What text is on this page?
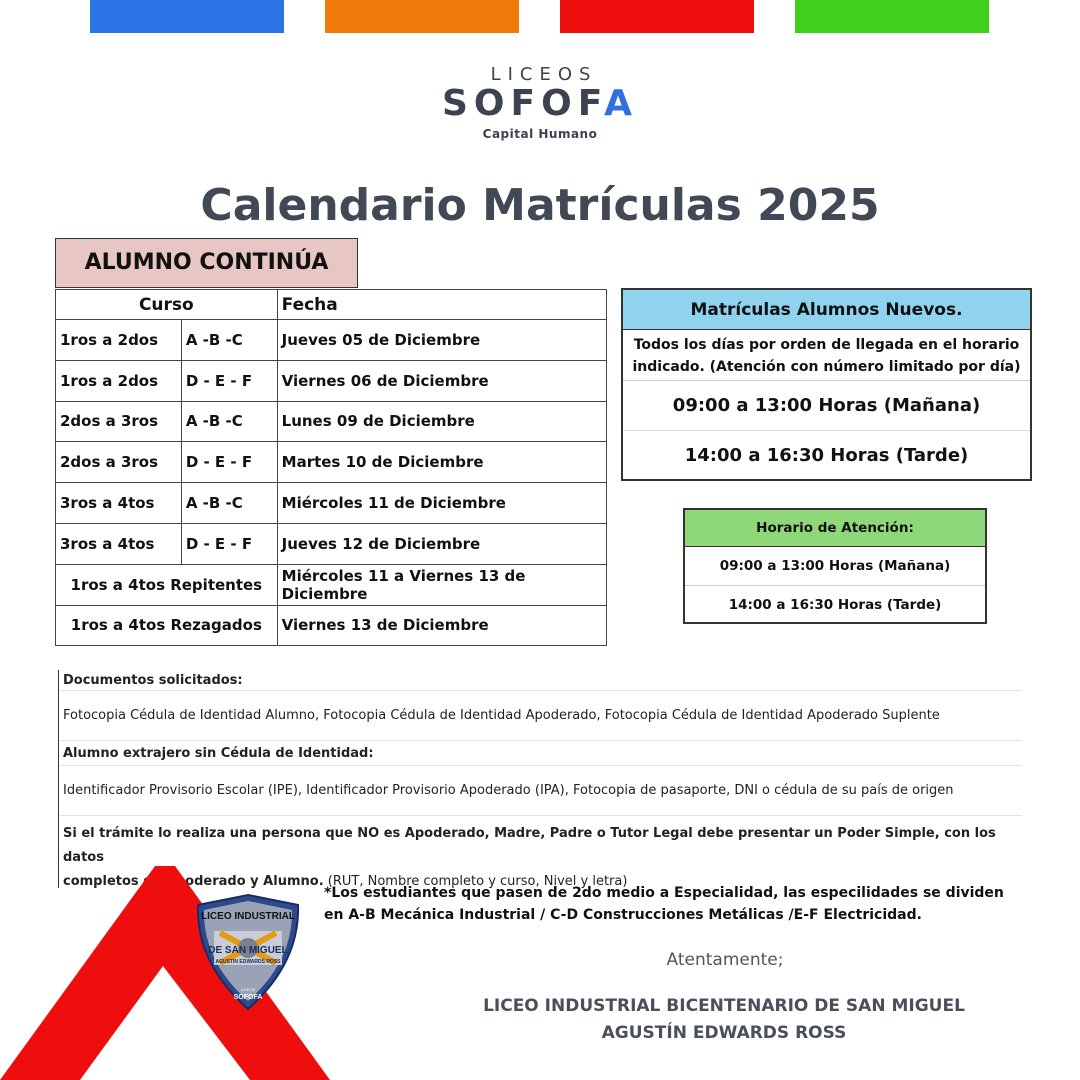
LICEOS
SOFOFA
Capital Humano
Calendario Matrículas 2025
ALUMNO CONTINÚA
Curso		Fecha
1ros a 2dos	A -B -C	Jueves 05 de Diciembre
1ros a 2dos	D - E - F	Viernes 06 de Diciembre
2dos a 3ros	A -B -C	Lunes 09 de Diciembre
2dos a 3ros	D - E - F	Martes 10 de Diciembre
3ros a 4tos	A -B -C	Miércoles 11 de Diciembre
3ros a 4tos	D - E - F	Jueves 12 de Diciembre
1ros a 4tos Repitentes		Miércoles 11 a Viernes 13 de Diciembre
1ros a 4tos Rezagados		Viernes 13 de Diciembre
Matrículas Alumnos Nuevos.
Todos los días por orden de llegada en el horario
indicado. (Atención con número limitado por día)
09:00 a 13:00 Horas (Mañana)
14:00 a 16:30 Horas (Tarde)
Horario de Atención:
09:00 a 13:00 Horas (Mañana)
14:00 a 16:30 Horas (Tarde)
Documentos solicitados:
Fotocopia Cédula de Identidad Alumno, Fotocopia Cédula de Identidad Apoderado, Fotocopia Cédula de Identidad Apoderado Suplente
Alumno extrajero sin Cédula de Identidad:
Identificador Provisorio Escolar (IPE), Identificador Provisorio Apoderado (IPA), Fotocopia de pasaporte, DNI o cédula de su país de origen
Si el trámite lo realiza una persona que NO es Apoderado, Madre, Padre o Tutor Legal debe presentar un Poder Simple, con los datos
completos de Apoderado y Alumno. (RUT, Nombre completo y curso, Nivel y letra)
LICEO INDUSTRIAL
DE SAN MIGUEL
AGUSTIN EDWARDS ROSS
LICEOS
SOFOFA
*Los estudiantes que pasen de 2do medio a Especialidad, las especilidades se dividen
en A-B Mecánica Industrial / C-D Construcciones Metálicas /E-F Electricidad.
Atentamente;
LICEO INDUSTRIAL BICENTENARIO DE SAN MIGUEL
AGUSTÍN EDWARDS ROSS
